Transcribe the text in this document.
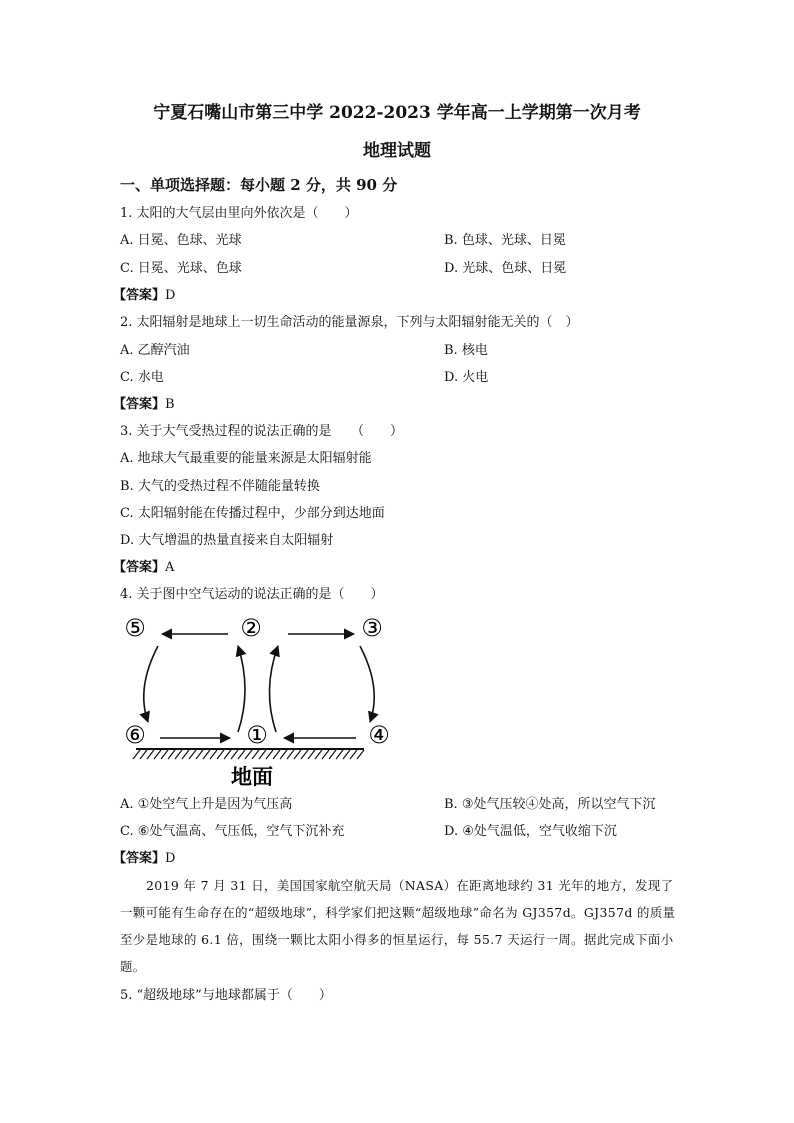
宁夏石嘴山市第三中学 2022-2023 学年高一上学期第一次月考
地理试题
一、单项选择题：每小题 2 分，共 90 分
1. 太阳的大气层由里向外依次是（　　）
A. 日冕、色球、光球	B. 色球、光球、日冕
C. 日冕、光球、色球	D. 光球、色球、日冕
【答案】D
2. 太阳辐射是地球上一切生命活动的能量源泉，下列与太阳辐射能无关的（　）
A. 乙醇汽油	B. 核电
C. 水电	D. 火电
【答案】B
3. 关于大气受热过程的说法正确的是　　（　　）
A. 地球大气最重要的能量来源是太阳辐射能
B. 大气的受热过程不伴随能量转换
C. 太阳辐射能在传播过程中，少部分到达地面
D. 大气增温的热量直接来自太阳辐射
【答案】A
4. 关于图中空气运动的说法正确的是（　　）
⑤	②	③
⑥	①	④
地面
A. ①处空气上升是因为气压高	B. ③处气压较④处高，所以空气下沉
C. ⑥处气温高、气压低，空气下沉补充	D. ④处气温低，空气收缩下沉
【答案】D
2019 年 7 月 31 日，美国国家航空航天局（NASA）在距离地球约 31 光年的地方，发现了一颗可能有生命存在的“超级地球”，科学家们把这颗“超级地球”命名为 GJ357d。GJ357d 的质量至少是地球的 6.1 倍，围绕一颗比太阳小得多的恒星运行，每 55.7 天运行一周。据此完成下面小题。
5. “超级地球”与地球都属于（　　）
